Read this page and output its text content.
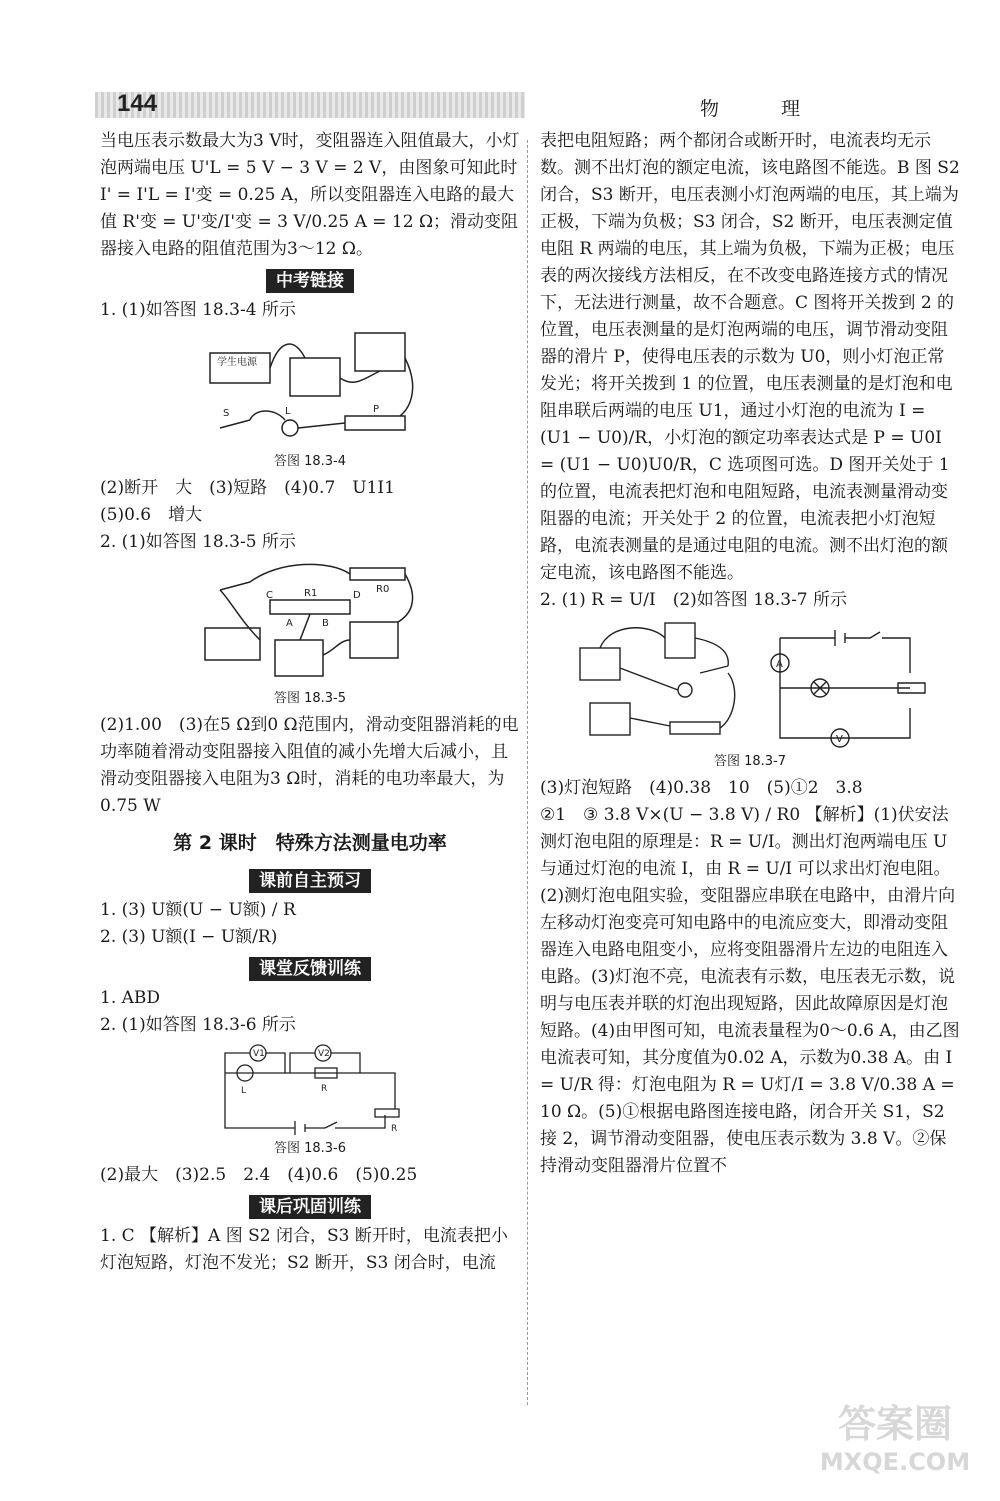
144	物 理

当电压表示数最大为3 V时，变阻器连入阻值最大，小灯泡两端电压 U'L = 5 V − 3 V = 2 V，由图象可知此时 I' = I'L = I'变 = 0.25 A，所以变阻器连入电路的最大值 R'变 = U'变/I'变 = 3 V/0.25 A = 12 Ω；滑动变阻器接入电路的阻值范围为3～12 Ω。

中考链接

1. (1)如答图 18.3-4 所示

学生电源
S	L	P
答图 18.3-4

(2)断开　大　(3)短路　(4)0.7　U1I1

(5)0.6　增大

2. (1)如答图 18.3-5 所示

C	D
A	B
R1	R0
答图 18.3-5

(2)1.00　(3)在5 Ω到0 Ω范围内，滑动变阻器消耗的电功率随着滑动变阻器接入阻值的减小先增大后减小，且滑动变阻器接入电阻为3 Ω时，消耗的电功率最大，为0.75 W

第 2 课时　特殊方法测量电功率
课前自主预习

1. (3) U额(U − U额) / R

2. (3) U额(I − U额/R)

课堂反馈训练

1. ABD

2. (1)如答图 18.3-6 所示

V1	V2
L	R
R
答图 18.3-6

(2)最大　(3)2.5　2.4　(4)0.6　(5)0.25

课后巩固训练

1. C 【解析】A 图 S2 闭合，S3 断开时，电流表把小灯泡短路，灯泡不发光；S2 断开，S3 闭合时，电流

表把电阻短路；两个都闭合或断开时，电流表均无示数。测不出灯泡的额定电流，该电路图不能选。B 图 S2 闭合，S3 断开，电压表测小灯泡两端的电压，其上端为正极，下端为负极；S3 闭合，S2 断开，电压表测定值电阻 R 两端的电压，其上端为负极，下端为正极；电压表的两次接线方法相反，在不改变电路连接方式的情况下，无法进行测量，故不合题意。C 图将开关拨到 2 的位置，电压表测量的是灯泡两端的电压，调节滑动变阻器的滑片 P，使得电压表的示数为 U0，则小灯泡正常发光；将开关拨到 1 的位置，电压表测量的是灯泡和电阻串联后两端的电压 U1，通过小灯泡的电流为 I = (U1 − U0)/R，小灯泡的额定功率表达式是 P = U0I = (U1 − U0)U0/R，C 选项图可选。D 图开关处于 1 的位置，电流表把灯泡和电阻短路，电流表测量滑动变阻器的电流；开关处于 2 的位置，电流表把小灯泡短路，电流表测量的是通过电阻的电流。测不出灯泡的额定电流，该电路图不能选。

2. (1) R = U/I　(2)如答图 18.3-7 所示

A
V
答图 18.3-7

(3)灯泡短路　(4)0.38　10　(5)①2　3.8

②1　③ 3.8 V×(U − 3.8 V) / R0 【解析】(1)伏安法测灯泡电阻的原理是：R = U/I。测出灯泡两端电压 U 与通过灯泡的电流 I，由 R = U/I 可以求出灯泡电阻。(2)测灯泡电阻实验，变阻器应串联在电路中，由滑片向左移动灯泡变亮可知电路中的电流应变大，即滑动变阻器连入电路电阻变小，应将变阻器滑片左边的电阻连入电路。(3)灯泡不亮，电流表有示数，电压表无示数，说明与电压表并联的灯泡出现短路，因此故障原因是灯泡短路。(4)由甲图可知，电流表量程为0～0.6 A，由乙图电流表可知，其分度值为0.02 A，示数为0.38 A。由 I = U/R 得：灯泡电阻为 R = U灯/I = 3.8 V/0.38 A = 10 Ω。(5)①根据电路图连接电路，闭合开关 S1，S2 接 2，调节滑动变阻器，使电压表示数为 3.8 V。②保持滑动变阻器滑片位置不

答案圈
MXQE.COM
